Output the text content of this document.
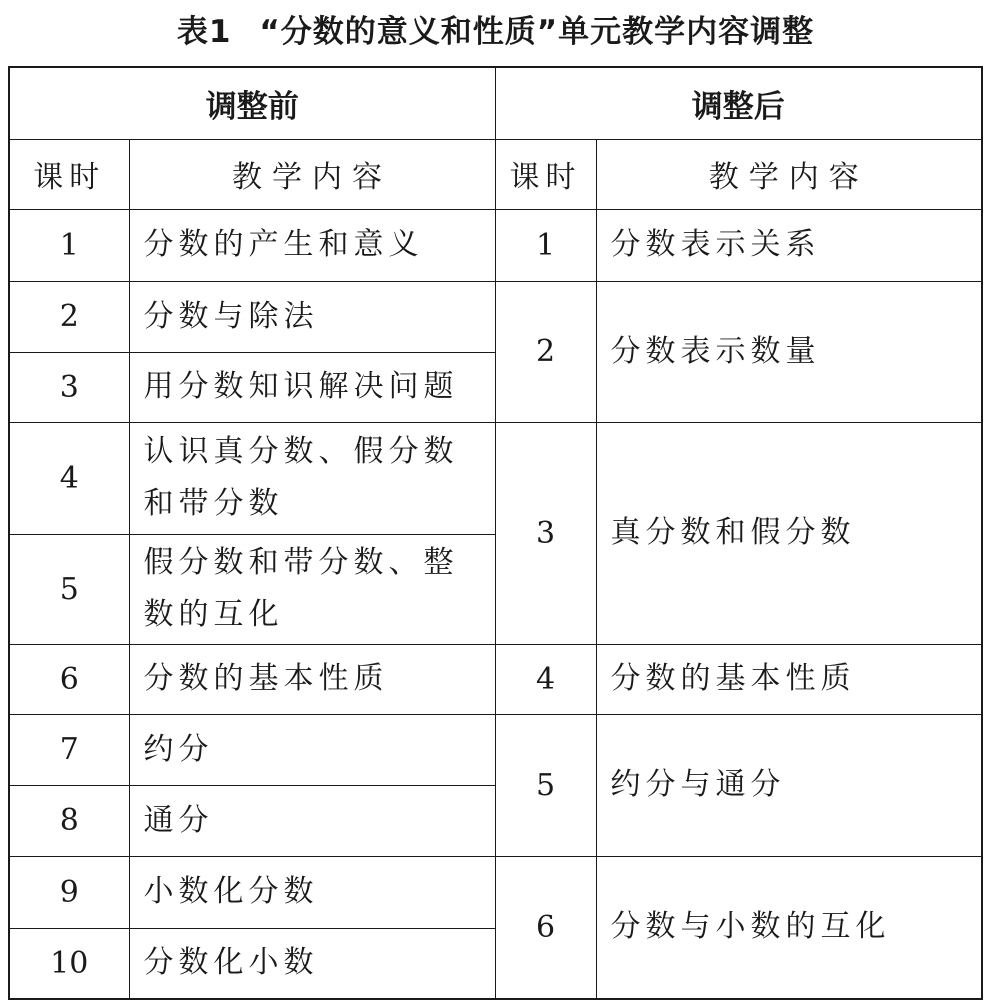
表1 “分数的意义和性质”单元教学内容调整
调整前		调整后	
课时	教学内容	课时	教学内容
1	分数的产生和意义	1	分数表示关系
2	分数与除法	2	分数表示数量
3	用分数知识解决问题		
4	认识真分数、假分数和带分数	3	真分数和假分数
5	假分数和带分数、整数的互化		
6	分数的基本性质	4	分数的基本性质
7	约分	5	约分与通分
8	通分		
9	小数化分数	6	分数与小数的互化
10	分数化小数		
